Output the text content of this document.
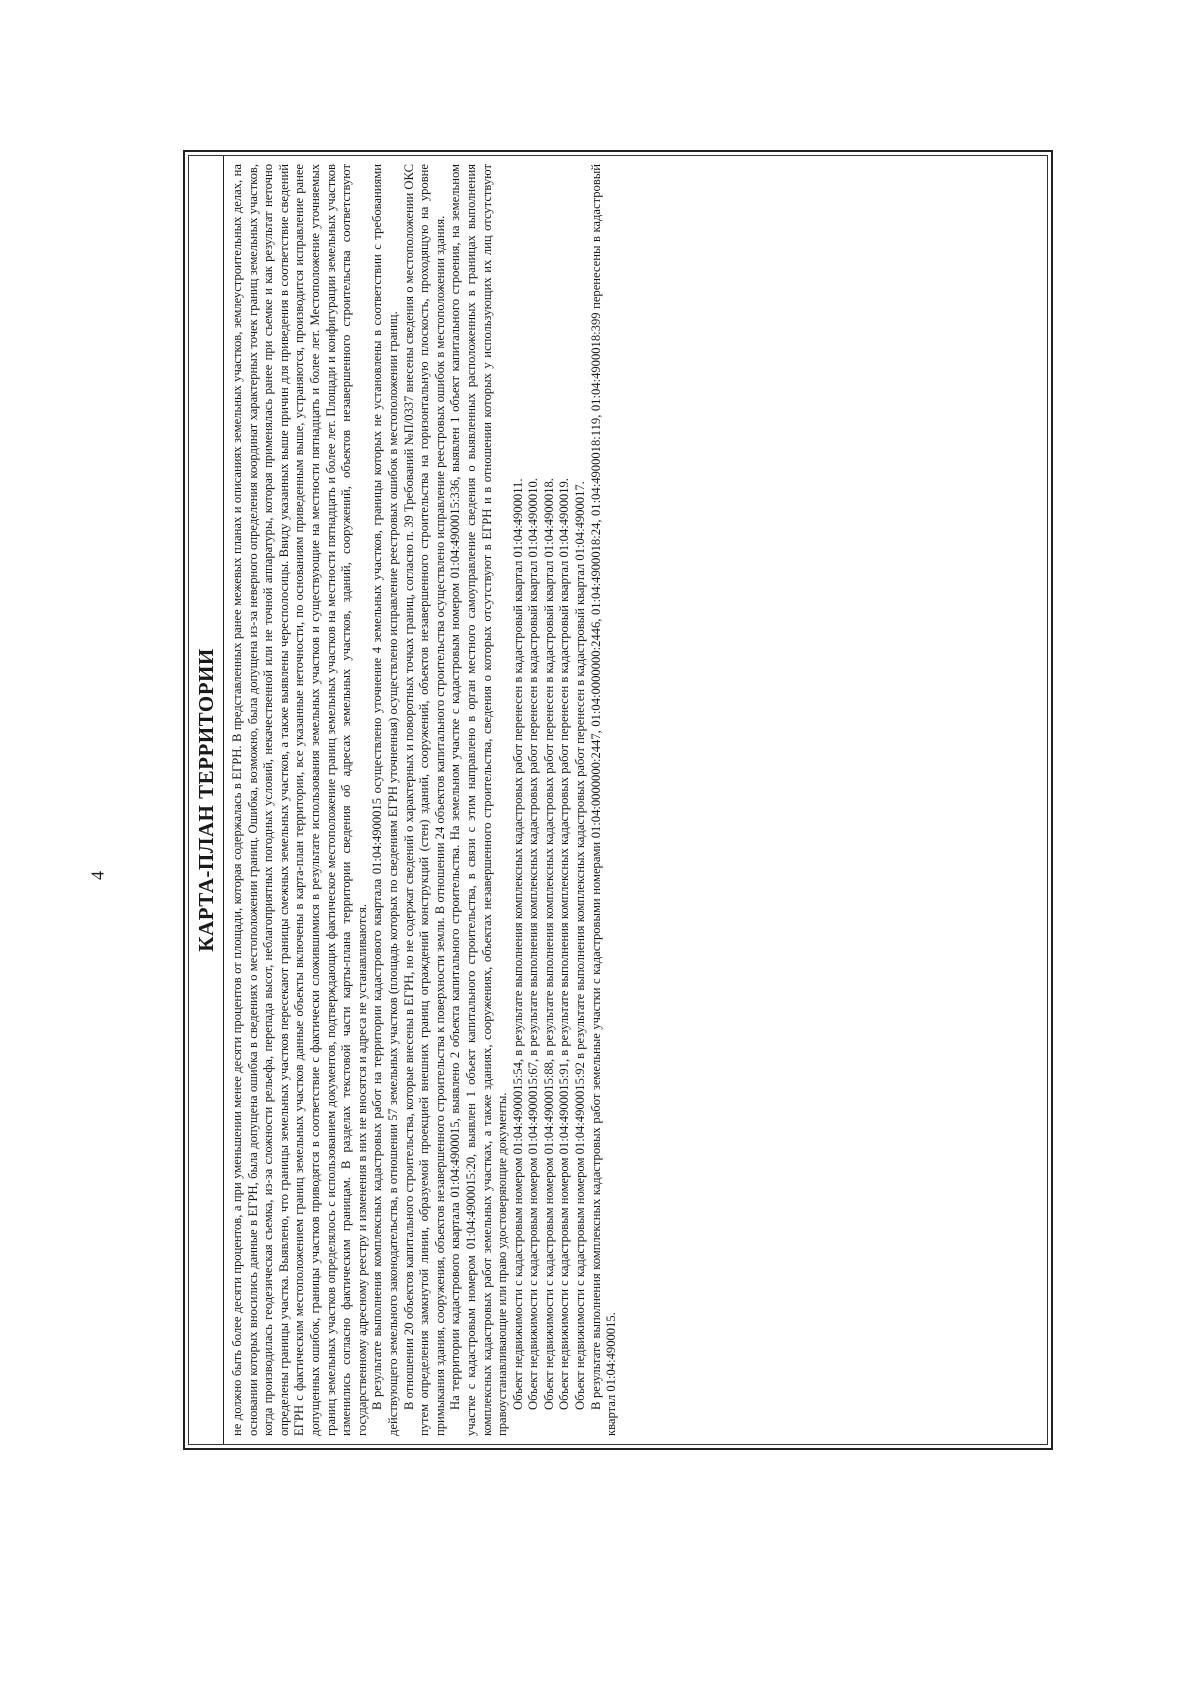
4	КАРТА-ПЛАН ТЕРРИТОРИИ не должно быть более десяти процентов, а при уменьшении менее десяти процентов от площади, которая содержалась в ЕГРН. В представленных ранее межевых планах и описаниях земельных участков, землеустроительных делах, на основании которых вносились данные в ЕГРН, была допущена ошибка в сведениях о местоположении границ. Ошибка, возможно, была допущена из-за неверного определения координат характерных точек границ земельных участков, когда производилась геодезическая съемка, из-за сложности рельефа, перепада высот, неблагоприятных погодных условий, некачественной или не точной аппаратуры, которая применялась ранее при съемке и как результат неточно определены границы участка. Выявлено, что границы земельных участков пересекают границы смежных земельных участков, а также выявлены чересполосицы. Ввиду указанных выше причин для приведения в соответствие сведений ЕГРН с фактическим местоположением границ земельных участков данные объекты включены в карта-план территории, все указанные неточности, по основаниям приведенным выше, устраняются, производится исправление ранее допущенных ошибок, границы участков приводятся в соответствие с фактически сложившимися в результате использования земельных участков и существующие на местности пятнадцать и более лет. Местоположение уточняемых границ земельных участков определялось с использованием документов, подтверждающих фактическое местоположение границ земельных участков на местности пятнадцать и более лет. Площади и конфигурации земельных участков изменились согласно фактическим границам. В разделах текстовой части карты-плана территории сведения об адресах земельных участков, зданий, сооружений, объектов незавершенного строительства соответствуют государственному адресному реестру и изменения в них не вносятся и адреса не устанавливаются. В результате выполнения комплексных кадастровых работ на территории кадастрового квартала 01:04:4900015 осуществлено уточнение 4 земельных участков, границы которых не установлены в соответствии с требованиями действующего земельного законодательства, в отношении 57 земельных участков (площадь которых по сведениям ЕГРН уточненная) осуществлено исправление реестровых ошибок в местоположении границ. В отношении 20 объектов капитального строительства, которые внесены в ЕГРН, но не содержат сведений о характерных и поворотных точках границ, согласно п. 39 Требований №П/0337 внесены сведения о местоположении ОКС путем определения замкнутой линии, образуемой проекцией внешних границ ограждений конструкций (стен) зданий, сооружений, объектов незавершенного строительства на горизонтальную плоскость, проходящую на уровне примыкания здания, сооружения, объектов незавершенного строительства к поверхности земли. В отношении 24 объектов капитального строительства осуществлено исправление реестровых ошибок в местоположении здания. На территории кадастрового квартала 01:04:4900015, выявлено 2 объекта капитального строительства. На земельном участке с кадастровым номером 01:04:4900015:336, выявлен 1 объект капитального строения, на земельном участке с кадастровым номером 01:04:4900015:20, выявлен 1 объект капитального строительства, в связи с этим направлено в орган местного самоуправление сведения о выявленных расположенных в границах выполнения комплексных кадастровых работ земельных участках, а также зданиях, сооружениях, объектах незавершенного строительства, сведения о которых отсутствуют в ЕГРН и в отношении которых у использующих их лиц отсутствуют правоустанавливающие или право удостоверяющие документы. Объект недвижимости с кадастровым номером 01:04:4900015:54, в результате выполнения комплексных кадастровых работ перенесен в кадастровый квартал 01:04:4900011. Объект недвижимости с кадастровым номером 01:04:4900015:67, в результате выполнения комплексных кадастровых работ перенесен в кадастровый квартал 01:04:4900010. Объект недвижимости с кадастровым номером 01:04:4900015:88, в результате выполнения комплексных кадастровых работ перенесен в кадастровый квартал 01:04:4900018. Объект недвижимости с кадастровым номером 01:04:4900015:91, в результате выполнения комплексных кадастровых работ перенесен в кадастровый квартал 01:04:4900019. Объект недвижимости с кадастровым номером 01:04:4900015:92 в результате выполнения комплексных кадастровых работ перенесен в кадастровый квартал 01:04:4900017. В результате выполнения комплексных кадастровых работ земельные участки с кадастровыми номерами 01:04:0000000:2447, 01:04:0000000:2446, 01:04:4900018:24, 01:04:4900018:119, 01:04:4900018:399 перенесены в кадастровый квартал 01:04:4900015.
